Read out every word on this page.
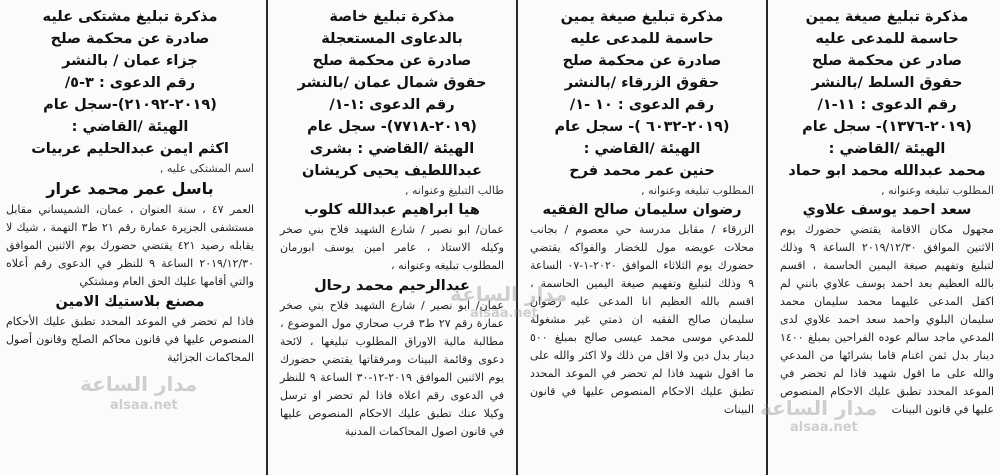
مذكرة تبليغ صيغة يمين
حاسمة للمدعى عليه
صادر عن محكمة صلح
حقوق السلط /بالنشر
رقم الدعوى : ١١-١/
(٢٠١٩-١٣٧٦)- سجل عام
الهيئة /القاضي :
محمد عبدالله محمد ابو حماد
المطلوب تبليغه وعنوانه ,
سعد احمد يوسف علاوي
مجهول مكان الاقامة يقتضي حضورك يوم الاثنين الموافق ٢٠١٩/١٢/٣٠ الساعة ٩ وذلك لتبليغ وتفهيم صيغة اليمين الحاسمة ، اقسم بالله العظيم بعد احمد يوسف علاوي بانني لم اكفل المدعى عليهما محمد سليمان محمد سليمان البلوي واحمد سعد احمد علاوي لدى المدعي ماجد سالم عوده الفراحين بمبلغ ١٤٠٠ دينار بدل ثمن اغنام قاما بشرائها من المدعي والله على ما اقول شهيد فاذا لم تحضر في الموعد المحدد تطبق عليك الاحكام المنصوص عليها في قانون البينات
مذكرة تبليغ صيغة يمين
حاسمة للمدعى عليه
صادرة عن محكمة صلح
حقوق الزرقاء /بالنشر
رقم الدعوى : ١٠ -١/
(٢٠١٩-٦٠٣٢ )- سجل عام
الهيئة /القاضي :
حنين عمر محمد فرح
المطلوب تبليغه وعنوانه ,
رضوان سليمان صالح الفقيه
الزرقاء / مقابل مدرسة حي معصوم / بجانب محلات عويضه مول للخضار والفواكه يقتضي حضورك يوم الثلاثاء الموافق ٢٠٢٠-١-٠٧ الساعة ٩ وذلك لتبليغ وتفهيم صيغة اليمين الحاسمة ، اقسم بالله العظيم انا المدعى عليه رضوان سليمان صالح الفقيه ان ذمتي غير مشغولة للمدعي موسى محمد عيسى صالح بمبلغ ٥٠٠ دينار بدل دين ولا اقل من ذلك ولا اكثر والله على ما اقول شهيد فاذا لم تحضر في الموعد المحدد تطبق عليك الاحكام المنصوص عليها في قانون البينات
مذكرة تبليغ خاصة
بالدعاوى المستعجلة
صادرة عن محكمة صلح
حقوق شمال عمان /بالنشر
رقم الدعوى :١-١/
(٢٠١٩-٧٧١٨)- سجل عام
الهيئة /القاضي : بشرى
عبداللطيف يحيى كريشان
طالب التبليغ وعنوانه ,
هيا ابراهيم عبدالله كلوب
عمان/ ابو نصير / شارع الشهيد فلاح بني صخر وكيله الاستاذ ، عامر امين يوسف ابورمان المطلوب تبليغه وعنوانه ،
عبدالرحيم محمد رحال
عمان/ ابو نصير / شارع الشهيد فلاح بني صخر عمارة رقم ٢٧ ط٣ قرب صحاري مول الموضوع ، مطالبة مالية الاوراق المطلوب تبليغها ، لائحة دعوى وقائمة البينات ومرفقاتها يقتضي حضورك يوم الاثنين الموافق ٢٠١٩-١٢-٣٠ الساعة ٩ للنظر في الدعوى رقم اعلاه فاذا لم تحضر او ترسل وكيلا عنك تطبق عليك الاحكام المنصوص عليها في قانون اصول المحاكمات المدنية
مذكرة تبليغ مشتكى عليه
صادرة عن محكمة صلح
جزاء عمان / بالنشر
رقم الدعوى : ٣-٥/
(٢٠١٩-٢١٠٩٢)-سجل عام
الهيئة /القاضي :
اكثم ايمن عبدالحليم عربيات
اسم المشتكى عليه ,
باسل عمر محمد عرار
العمر ٤٧ ، سنة العنوان ، عمان، الشميساني مقابل مستشفى الجزيرة عمارة رقم ٢١ ط٣ التهمة ، شيك لا يقابله رصيد ٤٢١ يقتضي حضورك يوم الاثنين الموافق ٢٠١٩/١٢/٣٠ الساعة ٩ للنظر في الدعوى رقم أعلاه والتي أقامها عليك الحق العام ومشتكي
مصنع بلاستيك الامين
فاذا لم تحضر في الموعد المحدد تطبق عليك الأحكام المنصوص عليها في قانون محاكم الصلح وقانون أصول المحاكمات الجزائية
مدار الساعة
alsaa.net
مدار الساعة
alsaa.net
مدار الساعة
alsaa.net
